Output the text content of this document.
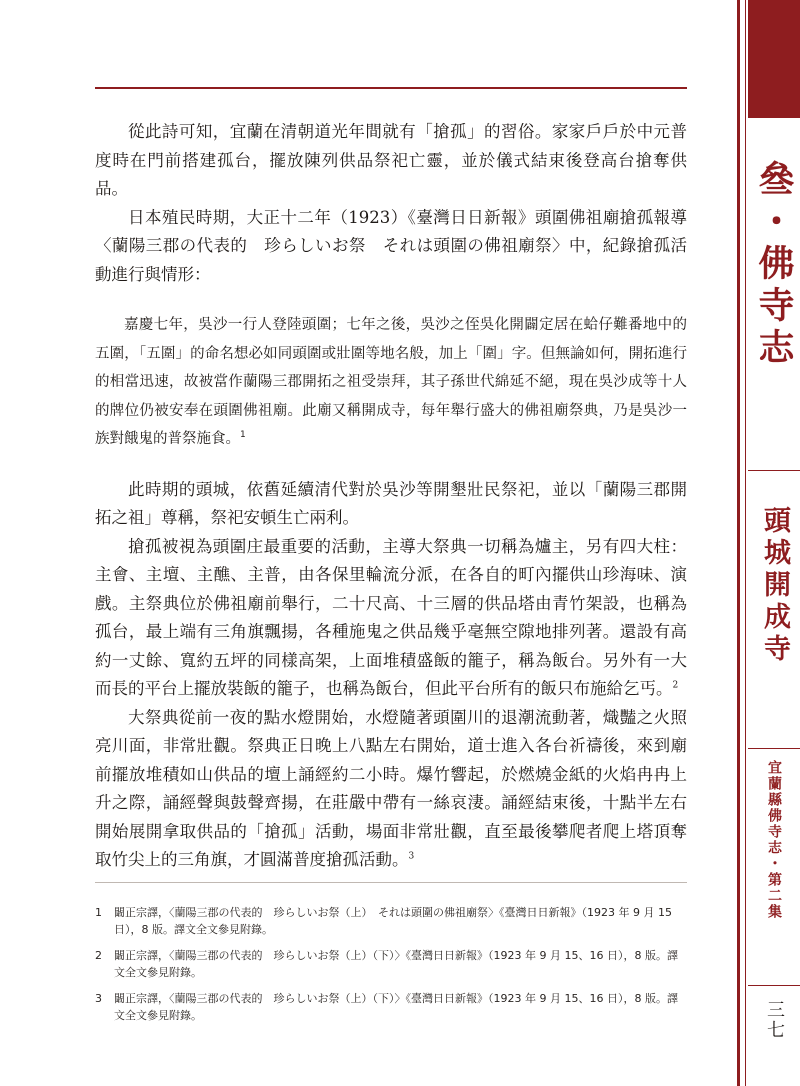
從此詩可知，宜蘭在清朝道光年間就有「搶孤」的習俗。家家戶戶於中元普度時在門前搭建孤台，擺放陳列供品祭祀亡靈，並於儀式結束後登高台搶奪供品。

日本殖民時期，大正十二年（1923）《臺灣日日新報》頭圍佛祖廟搶孤報導〈蘭陽三郡の代表的　珍らしいお祭　それは頭圍の佛祖廟祭〉中，紀錄搶孤活動進行與情形：

嘉慶七年，吳沙一行人登陸頭圍；七年之後，吳沙之侄吳化開闢定居在蛤仔難番地中的五圍，「五圍」的命名想必如同頭圍或壯圍等地名般，加上「圍」字。但無論如何，開拓進行的相當迅速，故被當作蘭陽三郡開拓之祖受崇拜，其子孫世代綿延不絕，現在吳沙成等十人的牌位仍被安奉在頭圍佛祖廟。此廟又稱開成寺，每年舉行盛大的佛祖廟祭典，乃是吳沙一族對餓鬼的普祭施食。$^1$

此時期的頭城，依舊延續清代對於吳沙等開墾壯民祭祀，並以「蘭陽三郡開拓之祖」尊稱，祭祀安頓生亡兩利。

搶孤被視為頭圍庄最重要的活動，主導大祭典一切稱為爐主，另有四大柱：主會、主壇、主醮、主普，由各保里輪流分派，在各自的町內擺供山珍海味、演戲。主祭典位於佛祖廟前舉行，二十尺高、十三層的供品塔由青竹架設，也稱為孤台，最上端有三角旗飄揚，各種施鬼之供品幾乎毫無空隙地排列著。還設有高約一丈餘、寬約五坪的同樣高架，上面堆積盛飯的籠子，稱為飯台。另外有一大而長的平台上擺放裝飯的籠子，也稱為飯台，但此平台所有的飯只布施給乞丐。$^2$

大祭典從前一夜的點水燈開始，水燈隨著頭圍川的退潮流動著，熾豔之火照亮川面，非常壯觀。祭典正日晚上八點左右開始，道士進入各台祈禱後，來到廟前擺放堆積如山供品的壇上誦經約二小時。爆竹響起，於燃燒金紙的火焰冉冉上升之際，誦經聲與鼓聲齊揚，在莊嚴中帶有一絲哀淒。誦經結束後，十點半左右開始展開拿取供品的「搶孤」活動，場面非常壯觀，直至最後攀爬者爬上塔頂奪取竹尖上的三角旗，才圓滿普度搶孤活動。$^3$

1 闞正宗譯，〈蘭陽三郡の代表的　珍らしいお祭（上）　それは頭圍の佛祖廟祭〉《臺灣日日新報》（1923 年 9 月 15 日），8 版。譯文全文參見附錄。
2 闞正宗譯，〈蘭陽三郡の代表的　珍らしいお祭（上）（下）〉《臺灣日日新報》（1923 年 9 月 15、16 日），8 版。譯文全文參見附錄。
3 闞正宗譯，〈蘭陽三郡の代表的　珍らしいお祭（上）（下）〉《臺灣日日新報》（1923 年 9 月 15、16 日），8 版。譯文全文參見附錄。
叄・佛寺志
頭城開成寺
宜蘭縣佛寺志・第二集
三七
